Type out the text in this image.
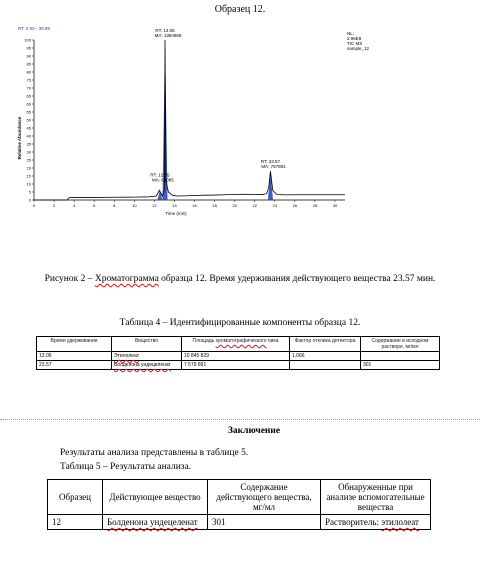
Образец 12.
RT: 0.00 - 30.99
NL:
2.96E8
TIC MS
sample_12
Relative Abundance
Time (min)
0
5
10
15
20
25
30
35
40
45
50
55
60
65
70
75
80
85
90
95
100
0	2	4	6	8	10	12	14	16	18	20	22	24	26	28	30
RT: 13.06
MA: 1384969
RT: 12.55
MA: 61085
RT: 23.57
MA: 757891
Рисунок 2 – Хроматограмма образца 12. Время удерживания действующего вещества 23.57 мин.
Таблица 4 – Идентифицированные компоненты образца 12.
Время удерживания	Вещество	Площадь хроматографического пика	Фактор отклика детектора	Содержание в исходном растворе, мг/мл
13.06	Этилолеат	10 845 829	1.066	
23.57	Болденона ундецеленат	7 579 891		301
Заключение
Результаты анализа представлены в таблице 5.
Таблица 5 – Результаты анализа.
Образец	Действующее вещество	Содержание действующего вещества, мг/мл	Обнаруженные при анализе вспомогательные вещества
12	Болденона ундецеленат	301	Растворитель: этилолеат
